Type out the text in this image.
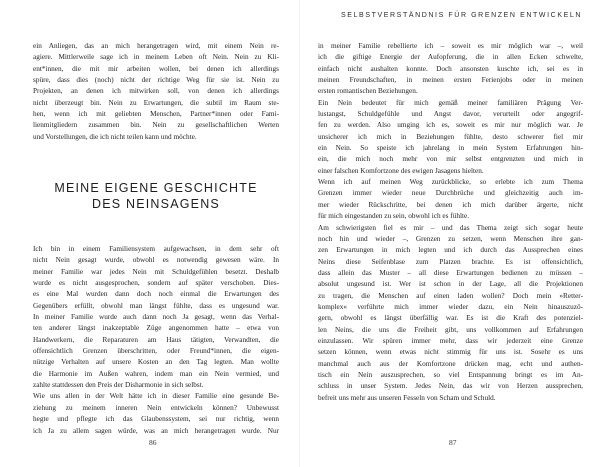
ein Anliegen, das an mich herangetragen wird, mit einem Nein re-
agiere. Mittlerweile sage ich in meinem Leben oft Nein. Nein zu Kli-
ent*innen, die mit mir arbeiten wollen, bei denen ich allerdings
spüre, dass dies (noch) nicht der richtige Weg für sie ist. Nein zu
Projekten, an denen ich mitwirken soll, von denen ich allerdings
nicht überzeugt bin. Nein zu Erwartungen, die subtil im Raum ste-
hen, wenn ich mit geliebten Menschen, Partner*innen oder Fami-
lienmitgliedern zusammen bin. Nein zu gesellschaftlichen Werten
und Vorstellungen, die ich nicht teilen kann und möchte.
MEINE EIGENE GESCHICHTE
DES NEINSAGENS
Ich bin in einem Familiensystem aufgewachsen, in dem sehr oft
nicht Nein gesagt wurde, obwohl es notwendig gewesen wäre. In
meiner Familie war jedes Nein mit Schuldgefühlen besetzt. Deshalb
wurde es nicht ausgesprochen, sondern auf später verschoben. Dies-
es eine Mal wurden dann doch noch einmal die Erwartungen des
Gegenübers erfüllt, obwohl man längst fühlte, dass es ungesund war.
In meiner Familie wurde auch dann noch Ja gesagt, wenn das Verhal-
ten anderer längst inakzeptable Züge angenommen hatte – etwa von
Handwerkern, die Reparaturen am Haus tätigten, Verwandten, die
offensichtlich Grenzen überschritten, oder Freund*innen, die eigen-
nützige Verhalten auf unsere Kosten an den Tag legten. Man wollte
die Harmonie im Außen wahren, indem man ein Nein vermied, und
zahlte stattdessen den Preis der Disharmonie in sich selbst.
Wie uns allen in der Welt hätte ich in dieser Familie eine gesunde Be-
ziehung zu meinem inneren Nein entwickeln können? Unbewusst
hegte und pflegte ich das Glaubenssystem, sei nur richtig, wenn
ich Ja zu allem sagen würde, was an mich herangetragen wurde. Nur
86
SELBSTVERSTÄNDNIS FÜR GRENZEN ENTWICKELN
in meiner Familie rebellierte ich – soweit es mir möglich war –, weil
ich die giftige Energie der Aufopferung, die in allen Ecken schwelte,
einfach nicht aushalten konnte. Doch ansonsten kuschte ich, sei es in
meinen Freundschaften, in meinen ersten Ferienjobs oder in meinen
ersten romantischen Beziehungen.
Ein Nein bedeutet für mich gemäß meiner familiären Prägung Ver-
lustangst, Schuldgefühle und Angst davor, verurteilt oder angegrif-
fen zu werden. Also umging ich es, soweit es mir nur möglich war. Je
unsicherer ich mich in Beziehungen fühlte, desto schwerer fiel mir
ein Nein. So speiste ich jahrelang in mein System Erfahrungen hin-
ein, die mich noch mehr von mir selbst entgrenzten und mich in
einer falschen Komfortzone des ewigen Jasagens hielten.
Wenn ich auf meinen Weg zurückblicke, so erlebte ich zum Thema
Grenzen immer wieder neue Durchbrüche und gleichzeitig auch im-
mer wieder Rückschritte, bei denen ich mich darüber ärgerte, nicht
für mich eingestanden zu sein, obwohl ich es fühlte.
Am schwierigsten fiel es mir – und das Thema zeigt sich sogar heute
noch hin und wieder –, Grenzen zu setzen, wenn Menschen ihre gan-
zen Erwartungen in mich legten und ich durch das Aussprechen eines
Neins diese Seifenblase zum Platzen brachte. Es ist offensichtlich,
dass allein das Muster – all diese Erwartungen bedienen zu müssen –
absolut ungesund ist. Wer ist schon in der Lage, all die Projektionen
zu tragen, die Menschen auf einen laden wollen? Doch mein »Retter-
komplex« verführte mich immer wieder dazu, ein Nein hinauszuzö-
gern, obwohl es längst überfällig war. Es ist die Kraft des potenziel-
len Neins, die uns die Freiheit gibt, uns vollkommen auf Erfahrungen
einzulassen. Wir spüren immer mehr, dass wir jederzeit eine Grenze
setzen können, wenn etwas nicht stimmig für uns ist. Sosehr es uns
manchmal auch aus der Komfortzone drücken mag, echt und authen-
tisch ein Nein auszusprechen, so viel Entspannung bringt es im An-
schluss in unser System. Jedes Nein, das wir von Herzen aussprechen,
befreit uns mehr aus unseren Fesseln von Scham und Schuld.
87
